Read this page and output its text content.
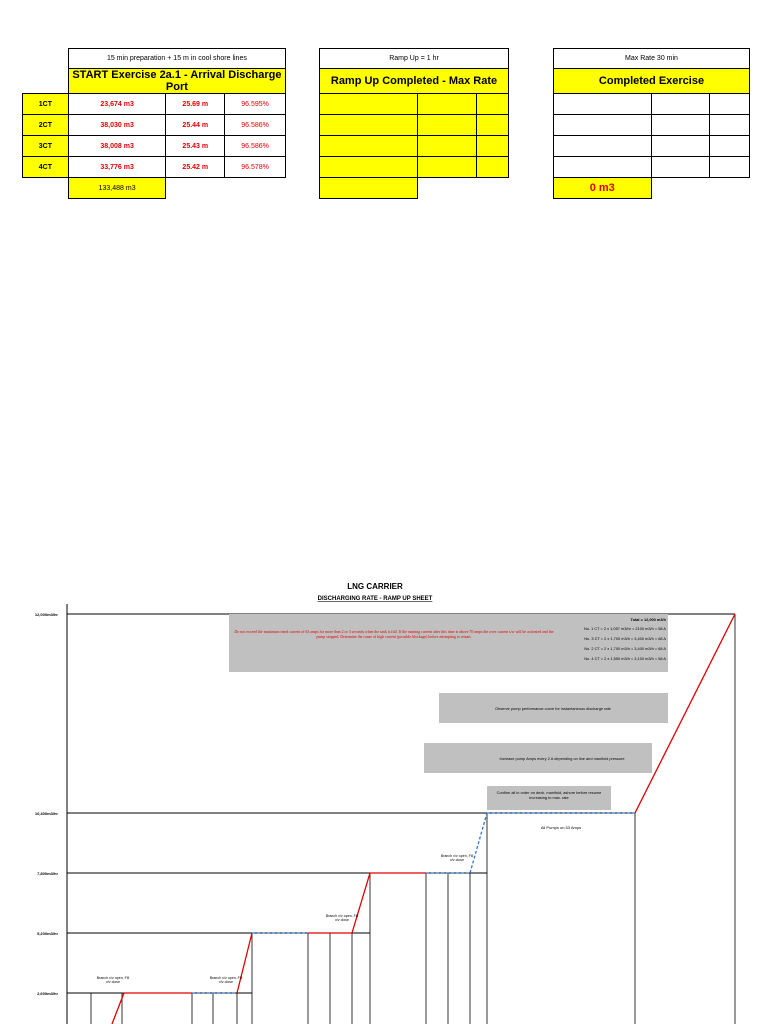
	15 min preparation + 15 m in cool shore lines		
	START Exercise 2a.1 - Arrival Discharge Port		
1CT	23,674 m3	25.69 m	96.595%
2CT	38,030 m3	25.44 m	96.586%
3CT	38,008 m3	25.43 m	96.586%
4CT	33,776 m3	25.42 m	96.578%
	133,488 m3		
Ramp Up = 1 hr		
Ramp Up Completed - Max Rate		

Max Rate 30 min		
Completed Exercise		

0 m3		
LNG CARRIER
DISCHARGING RATE - RAMP UP SHEET
12,000m3/hr
10,400m3/hr
7,800m3/hr
5,200m3/hr
2,600m3/hr
Branch v/v open, Fill v/v close
Branch v/v open, Fill v/v close
Branch v/v open, Fill v/v close
Branch v/v open, Fill v/v close
Do not exceed the maximum rated current of 63 amps for more than 2 or 3 seconds when the tank is full. If the running current after this time is above 70 amps the over current s/w will be activated and the pump stopped. Determine the cause of high current (possible blockage) before attempting to restart.
Total = 12,000 m3/h
No. 1 CT = 2 x 1,057 m3/hr = 2100 m3/h = 58 A
No. 3 CT = 2 x 1,700 m3/h = 3,400 m3/h = 68 A
No. 2 CT = 2 x 1,700 m3/h = 3,400 m3/h = 68 A
No. 4 CT = 2 x 1,550 m3/h = 3,100 m3/h = 58 A
Observe pump performance curve for instantaneous discharge rate
Increase pump Amps every 2 A depending on line and manifold pressure
Confirm all in order on deck, manifold, ashore before resume increasing to max. rate
All Pumps on 53 Amps
